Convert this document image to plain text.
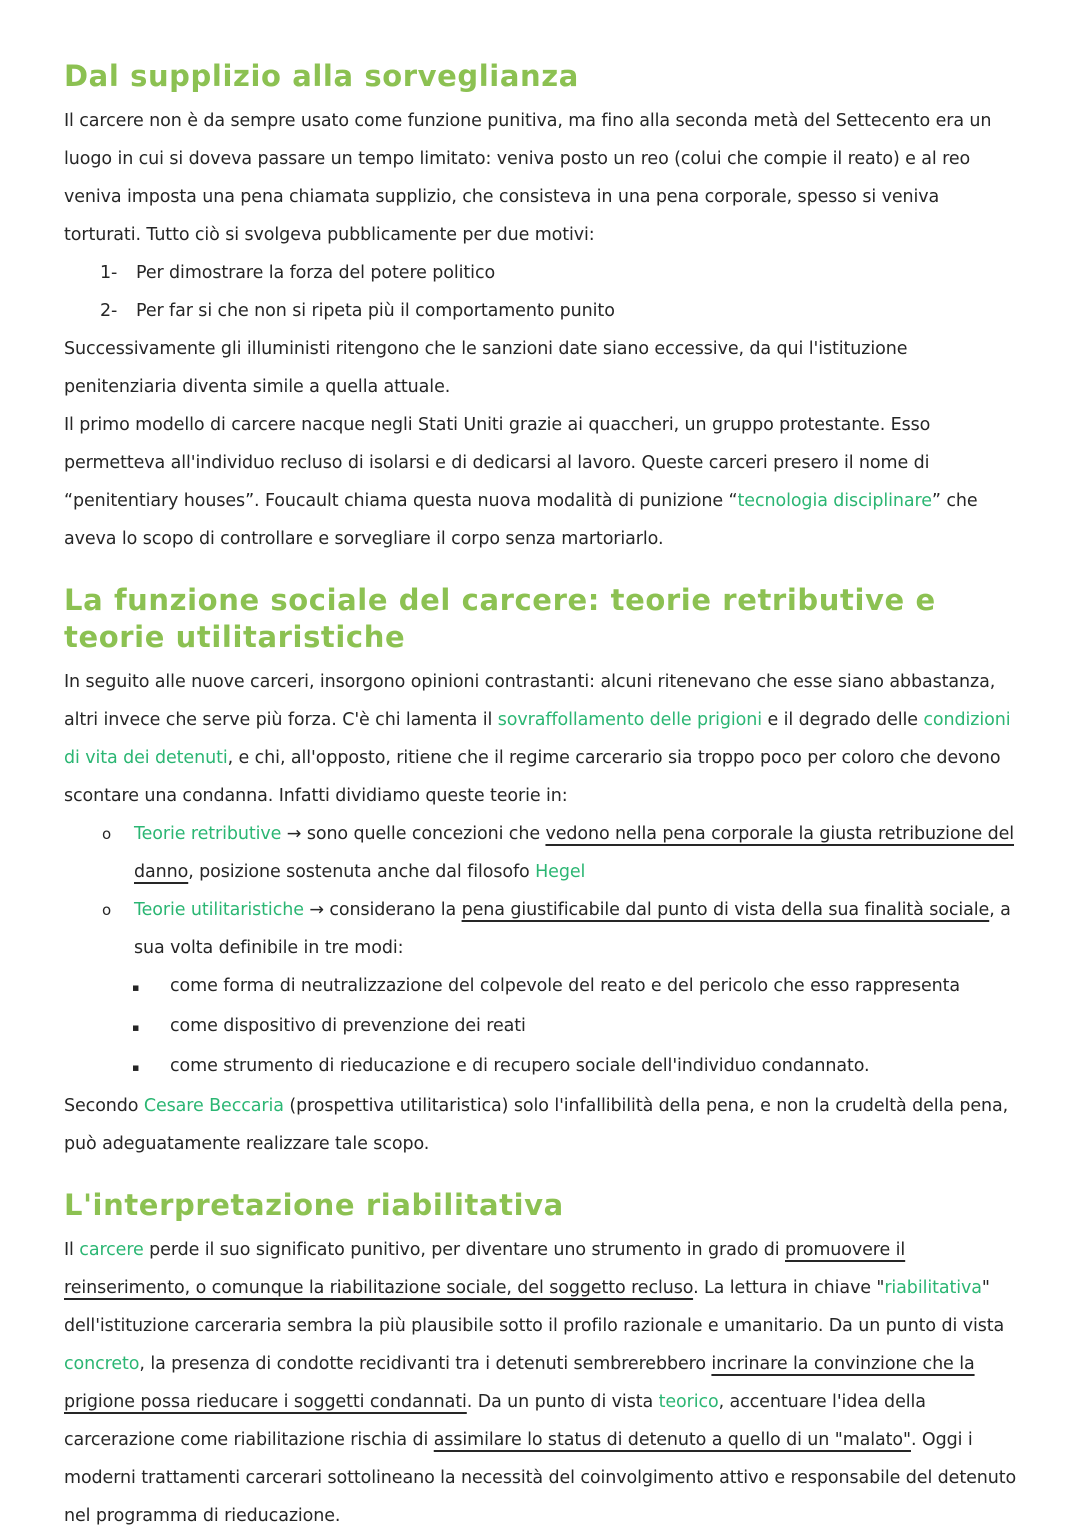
Dal supplizio alla sorveglianza

Il carcere non è da sempre usato come funzione punitiva, ma fino alla seconda metà del Settecento era un luogo in cui si doveva passare un tempo limitato: veniva posto un reo (colui che compie il reato) e al reo veniva imposta una pena chiamata supplizio, che consisteva in una pena corporale, spesso si veniva torturati. Tutto ciò si svolgeva pubblicamente per due motivi:

1-	Per dimostrare la forza del potere politico
2-	Per far si che non si ripeta più il comportamento punito

Successivamente gli illuministi ritengono che le sanzioni date siano eccessive, da qui l'istituzione penitenziaria diventa simile a quella attuale.

Il primo modello di carcere nacque negli Stati Uniti grazie ai quaccheri, un gruppo protestante. Esso permetteva all'individuo recluso di isolarsi e di dedicarsi al lavoro. Queste carceri presero il nome di “penitentiary houses”. Foucault chiama questa nuova modalità di punizione “tecnologia disciplinare” che aveva lo scopo di controllare e sorvegliare il corpo senza martoriarlo.

La funzione sociale del carcere: teorie retributive e teorie utilitaristiche

In seguito alle nuove carceri, insorgono opinioni contrastanti: alcuni ritenevano che esse siano abbastanza, altri invece che serve più forza. C'è chi lamenta il sovraffollamento delle prigioni e il degrado delle condizioni di vita dei detenuti, e chi, all'opposto, ritiene che il regime carcerario sia troppo poco per coloro che devono scontare una condanna. Infatti dividiamo queste teorie in:

o	Teorie retributive → sono quelle concezioni che vedono nella pena corporale la giusta retribuzione del danno, posizione sostenuta anche dal filosofo Hegel
o	Teorie utilitaristiche → considerano la pena giustificabile dal punto di vista della sua finalità sociale, a sua volta definibile in tre modi:
▪	come forma di neutralizzazione del colpevole del reato e del pericolo che esso rappresenta
▪	come dispositivo di prevenzione dei reati
▪	come strumento di rieducazione e di recupero sociale dell'individuo condannato.

Secondo Cesare Beccaria (prospettiva utilitaristica) solo l'infallibilità della pena, e non la crudeltà della pena, può adeguatamente realizzare tale scopo.

L'interpretazione riabilitativa

Il carcere perde il suo significato punitivo, per diventare uno strumento in grado di promuovere il reinserimento, o comunque la riabilitazione sociale, del soggetto recluso. La lettura in chiave "riabilitativa" dell'istituzione carceraria sembra la più plausibile sotto il profilo razionale e umanitario. Da un punto di vista concreto, la presenza di condotte recidivanti tra i detenuti sembrerebbero incrinare la convinzione che la prigione possa rieducare i soggetti condannati. Da un punto di vista teorico, accentuare l'idea della carcerazione come riabilitazione rischia di assimilare lo status di detenuto a quello di un "malato". Oggi i moderni trattamenti carcerari sottolineano la necessità del coinvolgimento attivo e responsabile del detenuto nel programma di rieducazione.
